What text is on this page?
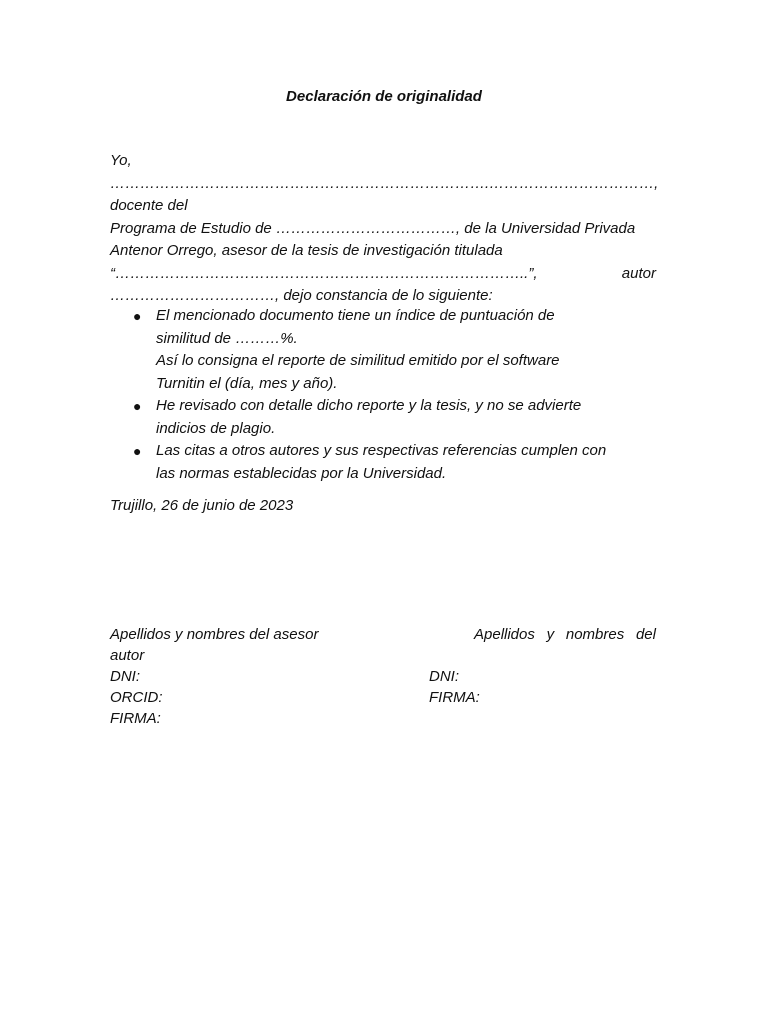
Declaración de originalidad
Yo, ………………………………………………………………….……………………………, docente del
Programa de Estudio de ………………………………, de la Universidad Privada
Antenor Orrego, asesor de la tesis de investigación titulada
“………………………………………………………………………..”,	autor
……………………………, dejo constancia de lo siguiente:
● El mencionado documento tiene un índice de puntuación de
similitud de ………%.
Así lo consigna el reporte de similitud emitido por el software
Turnitin el (día, mes y año).
● He revisado con detalle dicho reporte y la tesis, y no se advierte
indicios de plagio.
● Las citas a otros autores y sus respectivas referencias cumplen con
las normas establecidas por la Universidad.
Trujillo, 26 de junio de 2023
Apellidos y nombres del asesor
autor
DNI:
ORCID:
FIRMA:
Apellidos y nombres del
DNI:
FIRMA:
